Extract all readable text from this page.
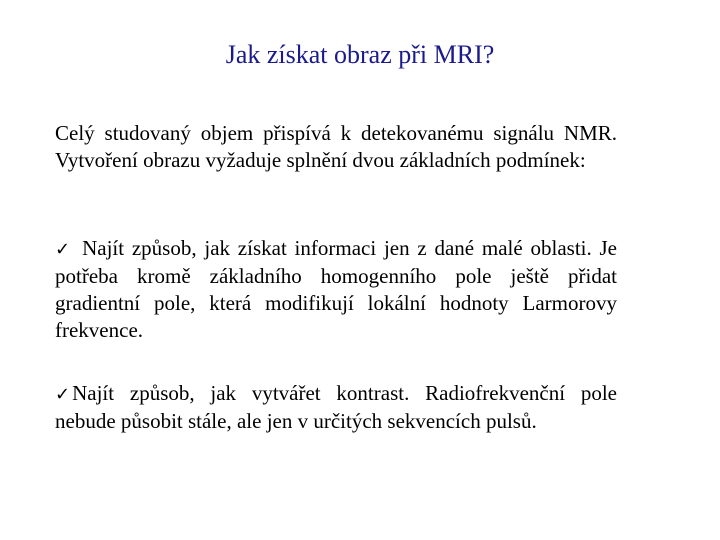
Jak získat obraz při MRI?

Celý studovaný objem přispívá k detekovanému signálu NMR. Vytvoření obrazu vyžaduje splnění dvou základních podmínek:

✓ Najít způsob, jak získat informaci jen z dané malé oblasti. Je potřeba kromě základního homogenního pole ještě přidat gradientní pole, která modifikují lokální hodnoty Larmorovy frekvence.

✓Najít způsob, jak vytvářet kontrast. Radiofrekvenční pole nebude působit stále, ale jen v určitých sekvencích pulsů.
